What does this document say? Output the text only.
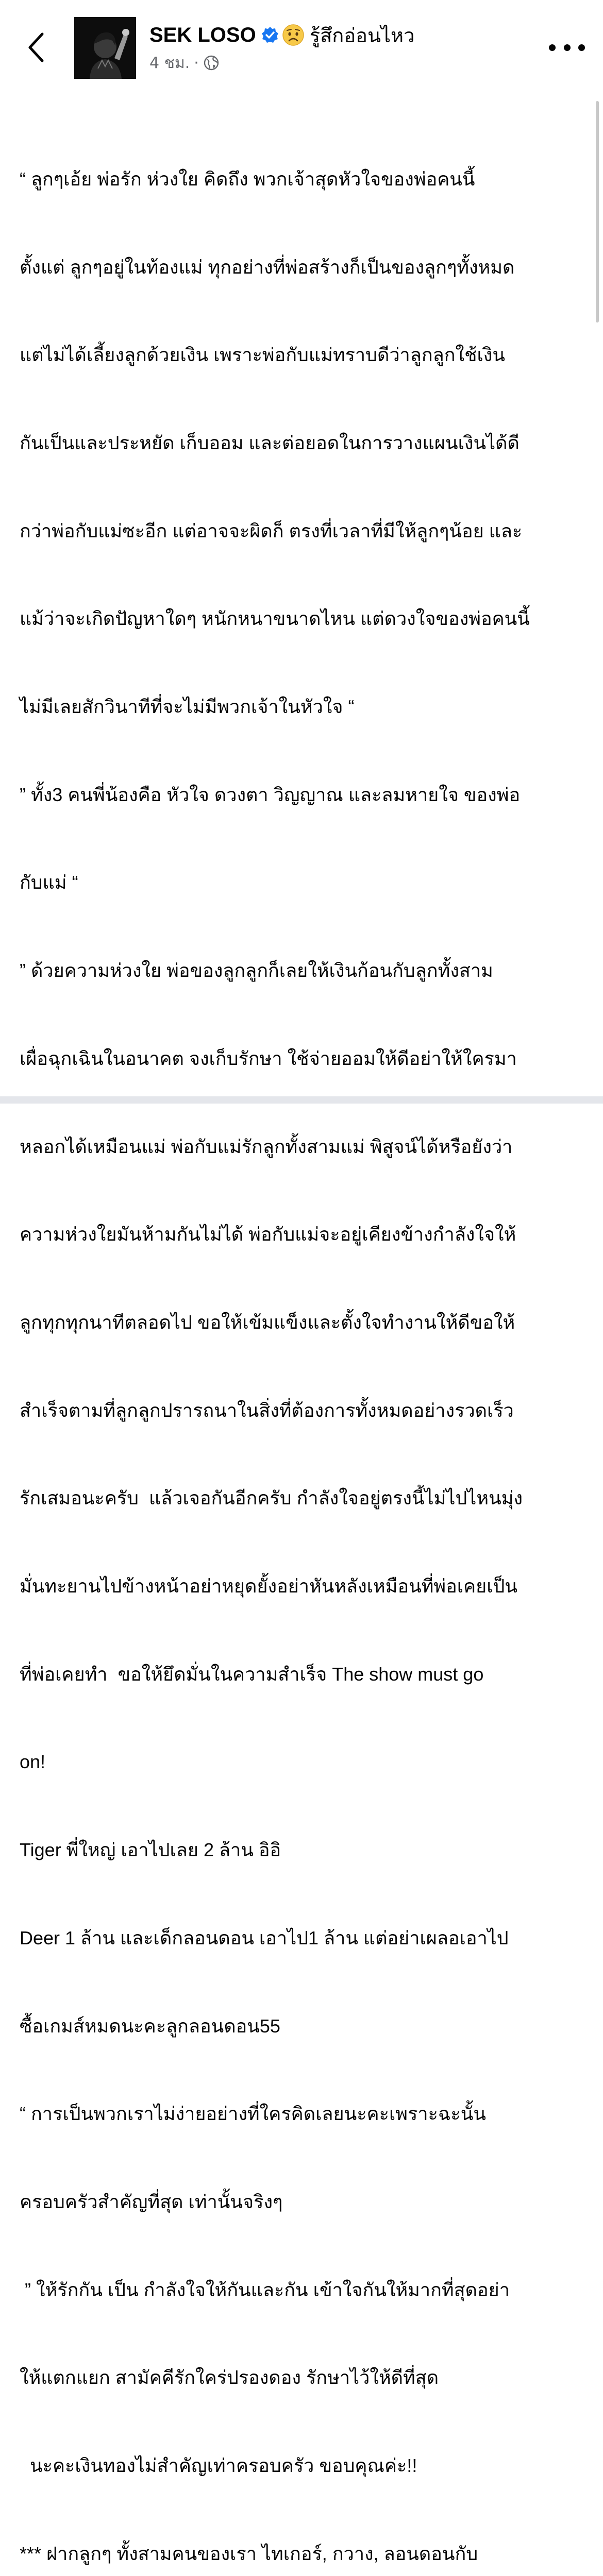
SEK LOSO	รู้สึกอ่อนไหว
4 ชม. ·

“ ลูกๆเอ้ย พ่อรัก ห่วงใย คิดถึง พวกเจ้าสุดหัวใจของพ่อคนนี้

ตั้งแต่ ลูกๆอยู่ในท้องแม่ ทุกอย่างที่พ่อสร้างก็เป็นของลูกๆทั้งหมด

แต่ไม่ได้เลี้ยงลูกด้วยเงิน เพราะพ่อกับแม่ทราบดีว่าลูกลูกใช้เงิน

กันเป็นและประหยัด เก็บออม และต่อยอดในการวางแผนเงินได้ดี

กว่าพ่อกับแม่ซะอีก แต่อาจจะผิดก็ ตรงที่เวลาที่มีให้ลูกๆน้อย และ

แม้ว่าจะเกิดปัญหาใดๆ หนักหนาขนาดไหน แต่ดวงใจของพ่อคนนี้

ไม่มีเลยสักวินาทีที่จะไม่มีพวกเจ้าในหัวใจ “

” ทั้ง3 คนพี่น้องคือ หัวใจ ดวงตา วิญญาณ และลมหายใจ ของพ่อ

กับแม่ “

” ด้วยความห่วงใย พ่อของลูกลูกก็เลยให้เงินก้อนกับลูกทั้งสาม

เผื่อฉุกเฉินในอนาคต จงเก็บรักษา ใช้จ่ายออมให้ดีอย่าให้ใครมา

หลอกได้เหมือนแม่ พ่อกับแม่รักลูกทั้งสามแม่ พิสูจน์ได้หรือยังว่า

ความห่วงใยมันห้ามกันไม่ได้ พ่อกับแม่จะอยู่เคียงข้างกำลังใจให้

ลูกทุกทุกนาทีตลอดไป ขอให้เข้มแข็งและตั้งใจทำงานให้ดีขอให้

สำเร็จตามที่ลูกลูกปรารถนาในสิ่งที่ต้องการทั้งหมดอย่างรวดเร็ว

รักเสมอนะครับ  แล้วเจอกันอีกครับ กำลังใจอยู่ตรงนี้ไม่ไปไหนมุ่ง

มั่นทะยานไปข้างหน้าอย่าหยุดยั้งอย่าหันหลังเหมือนที่พ่อเคยเป็น

ที่พ่อเคยทำ  ขอให้ยึดมั่นในความสำเร็จ The show must go

on!

Tiger พี่ใหญ่ เอาไปเลย 2 ล้าน อิอิ

Deer 1 ล้าน และเด็กลอนดอน เอาไป1 ล้าน แต่อย่าเผลอเอาไป

ซื้อเกมส์หมดนะคะลูกลอนดอน55

“ การเป็นพวกเราไม่ง่ายอย่างที่ใครคิดเลยนะคะเพราะฉะนั้น

ครอบครัวสำคัญที่สุด เท่านั้นจริงๆ

” ให้รักกัน เป็น กำลังใจให้กันและกัน เข้าใจกันให้มากที่สุดอย่า

ให้แตกแยก สามัคคีรักใคร่ปรองดอง รักษาไว้ให้ดีที่สุด

นะคะเงินทองไม่สำคัญเท่าครอบครัว ขอบคุณค่ะ!!

*** ฝากลูกๆ ทั้งสามคนของเรา ไทเกอร์, กวาง, ลอนดอนกับ
